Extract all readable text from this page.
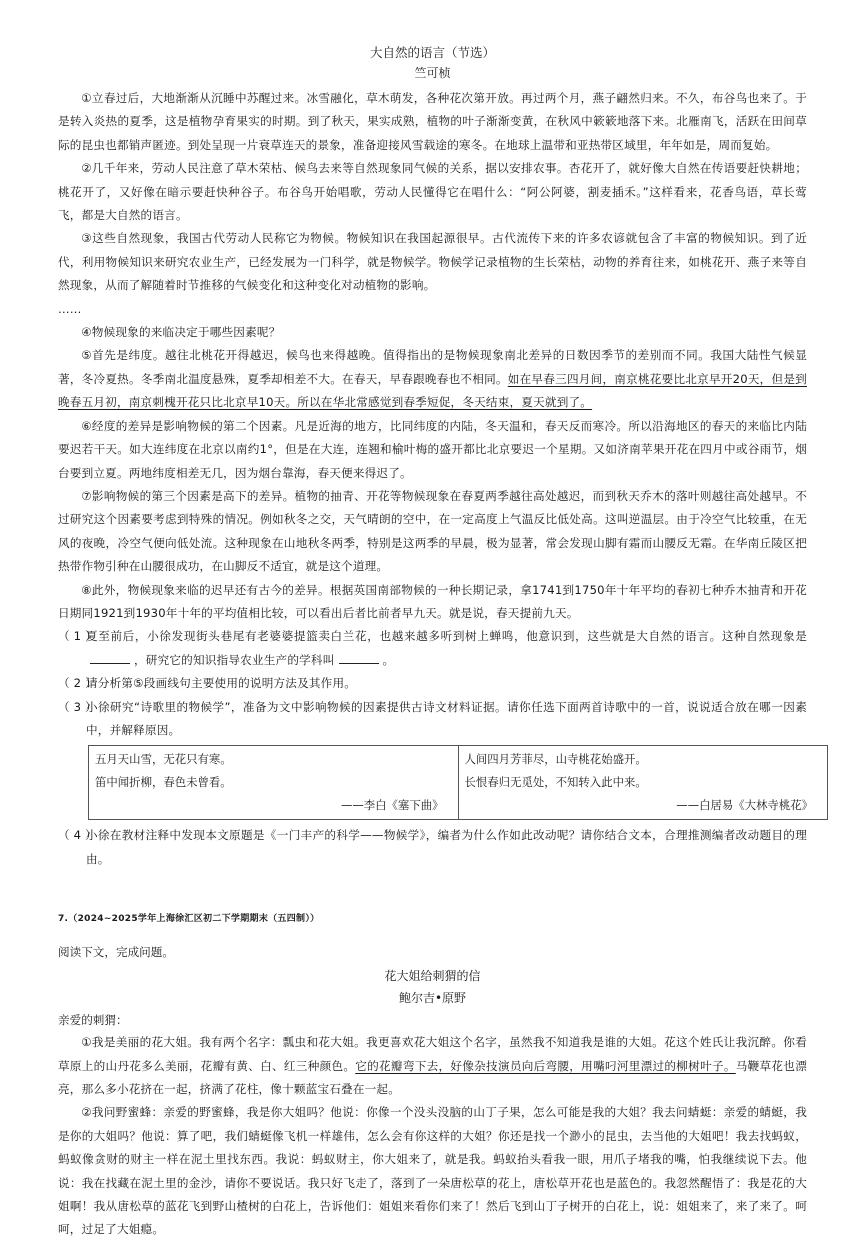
大自然的语言（节选）
竺可桢

①立春过后，大地渐渐从沉睡中苏醒过来。冰雪融化，草木萌发，各种花次第开放。再过两个月，燕子翩然归来。不久，布谷鸟也来了。于是转入炎热的夏季，这是植物孕育果实的时期。到了秋天，果实成熟，植物的叶子渐渐变黄，在秋风中簌簌地落下来。北雁南飞，活跃在田间草际的昆虫也都销声匿迹。到处呈现一片衰草连天的景象，准备迎接风雪载途的寒冬。在地球上温带和亚热带区域里，年年如是，周而复始。

②几千年来，劳动人民注意了草木荣枯、候鸟去来等自然现象同气候的关系，据以安排农事。杏花开了，就好像大自然在传语要赶快耕地；桃花开了，又好像在暗示要赶快种谷子。布谷鸟开始唱歌，劳动人民懂得它在唱什么：“阿公阿婆，割麦插禾。”这样看来，花香鸟语，草长莺飞，都是大自然的语言。

③这些自然现象，我国古代劳动人民称它为物候。物候知识在我国起源很早。古代流传下来的许多农谚就包含了丰富的物候知识。到了近代，利用物候知识来研究农业生产，已经发展为一门科学，就是物候学。物候学记录植物的生长荣枯，动物的养育往来，如桃花开、燕子来等自然现象，从而了解随着时节推移的气候变化和这种变化对动植物的影响。

……

④物候现象的来临决定于哪些因素呢？

⑤首先是纬度。越往北桃花开得越迟，候鸟也来得越晚。值得指出的是物候现象南北差异的日数因季节的差别而不同。我国大陆性气候显著，冬冷夏热。冬季南北温度悬殊，夏季却相差不大。在春天，早春跟晚春也不相同。如在早春三四月间，南京桃花要比北京早开20天，但是到晚春五月初，南京刺槐开花只比北京早10天。所以在华北常感觉到春季短促，冬天结束，夏天就到了。

⑥经度的差异是影响物候的第二个因素。凡是近海的地方，比同纬度的内陆，冬天温和，春天反而寒冷。所以沿海地区的春天的来临比内陆要迟若干天。如大连纬度在北京以南约1°，但是在大连，连翘和榆叶梅的盛开都比北京要迟一个星期。又如济南苹果开花在四月中或谷雨节，烟台要到立夏。两地纬度相差无几，因为烟台靠海，春天便来得迟了。

⑦影响物候的第三个因素是高下的差异。植物的抽青、开花等物候现象在春夏两季越往高处越迟，而到秋天乔木的落叶则越往高处越早。不过研究这个因素要考虑到特殊的情况。例如秋冬之交，天气晴朗的空中，在一定高度上气温反比低处高。这叫逆温层。由于冷空气比较重，在无风的夜晚，冷空气便向低处流。这种现象在山地秋冬两季，特别是这两季的早晨，极为显著，常会发现山脚有霜而山腰反无霜。在华南丘陵区把热带作物引种在山腰很成功，在山脚反不适宜，就是这个道理。

⑧此外，物候现象来临的迟早还有古今的差异。根据英国南部物候的一种长期记录，拿1741到1750年十年平均的春初七种乔木抽青和开花日期同1921到1930年十年的平均值相比较，可以看出后者比前者早九天。就是说，春天提前九天。

（ 1 ）
夏至前后，小徐发现街头巷尾有老婆婆提篮卖白兰花，也越来越多听到树上蝉鸣，他意识到，这些就是大自然的语言。这种自然现象是，研究它的知识指导农业生产的学科叫	。
（ 2 ）
请分析第⑤段画线句主要使用的说明方法及其作用。
（ 3 ）
小徐研究“诗歌里的物候学”，准备为文中影响物候的因素提供古诗文材料证据。请你任选下面两首诗歌中的一首，说说适合放在哪一因素中，并解释原因。
五月天山雪，无花只有寒。
笛中闻折柳，春色未曾看。
——李白《塞下曲》

人间四月芳菲尽，山寺桃花始盛开。
长恨春归无觅处，不知转入此中来。
——白居易《大林寺桃花》
（ 4 ）
小徐在教材注释中发现本文原题是《一门丰产的科学——物候学》，编者为什么作如此改动呢？请你结合文本，合理推测编者改动题目的理由。
7.（2024~2025学年上海徐汇区初二下学期期末（五四制））
阅读下文，完成问题。
花大姐给刺猬的信
鲍尔吉•原野
亲爱的刺猬：

①我是美丽的花大姐。我有两个名字：瓢虫和花大姐。我更喜欢花大姐这个名字，虽然我不知道我是谁的大姐。花这个姓氏让我沉醉。你看草原上的山丹花多么美丽，花瓣有黄、白、红三种颜色。它的花瓣弯下去，好像杂技演员向后弯腰，用嘴叼河里漂过的柳树叶子。马鞭草花也漂亮，那么多小花挤在一起，挤满了花柱，像十颗蓝宝石叠在一起。

②我问野蜜蜂：亲爱的野蜜蜂，我是你大姐吗？他说：你像一个没头没脑的山丁子果，怎么可能是我的大姐？我去问蜻蜓：亲爱的蜻蜓，我是你的大姐吗？他说：算了吧，我们蜻蜓像飞机一样雄伟，怎么会有你这样的大姐？你还是找一个渺小的昆虫，去当他的大姐吧！我去找蚂蚁，蚂蚁像贪财的财主一样在泥土里找东西。我说：蚂蚁财主，你大姐来了，就是我。蚂蚁抬头看我一眼，用爪子堵我的嘴，怕我继续说下去。他说：我在找藏在泥土里的金沙，请你不要说话。我只好飞走了，落到了一朵唐松草的花上，唐松草开花也是蓝色的。我忽然醒悟了：我是花的大姐啊！我从唐松草的蓝花飞到野山楂树的白花上，告诉他们：姐姐来看你们来了！然后飞到山丁子树开的白花上，说：姐姐来了，来了来了。呵呵，过足了大姐瘾。
